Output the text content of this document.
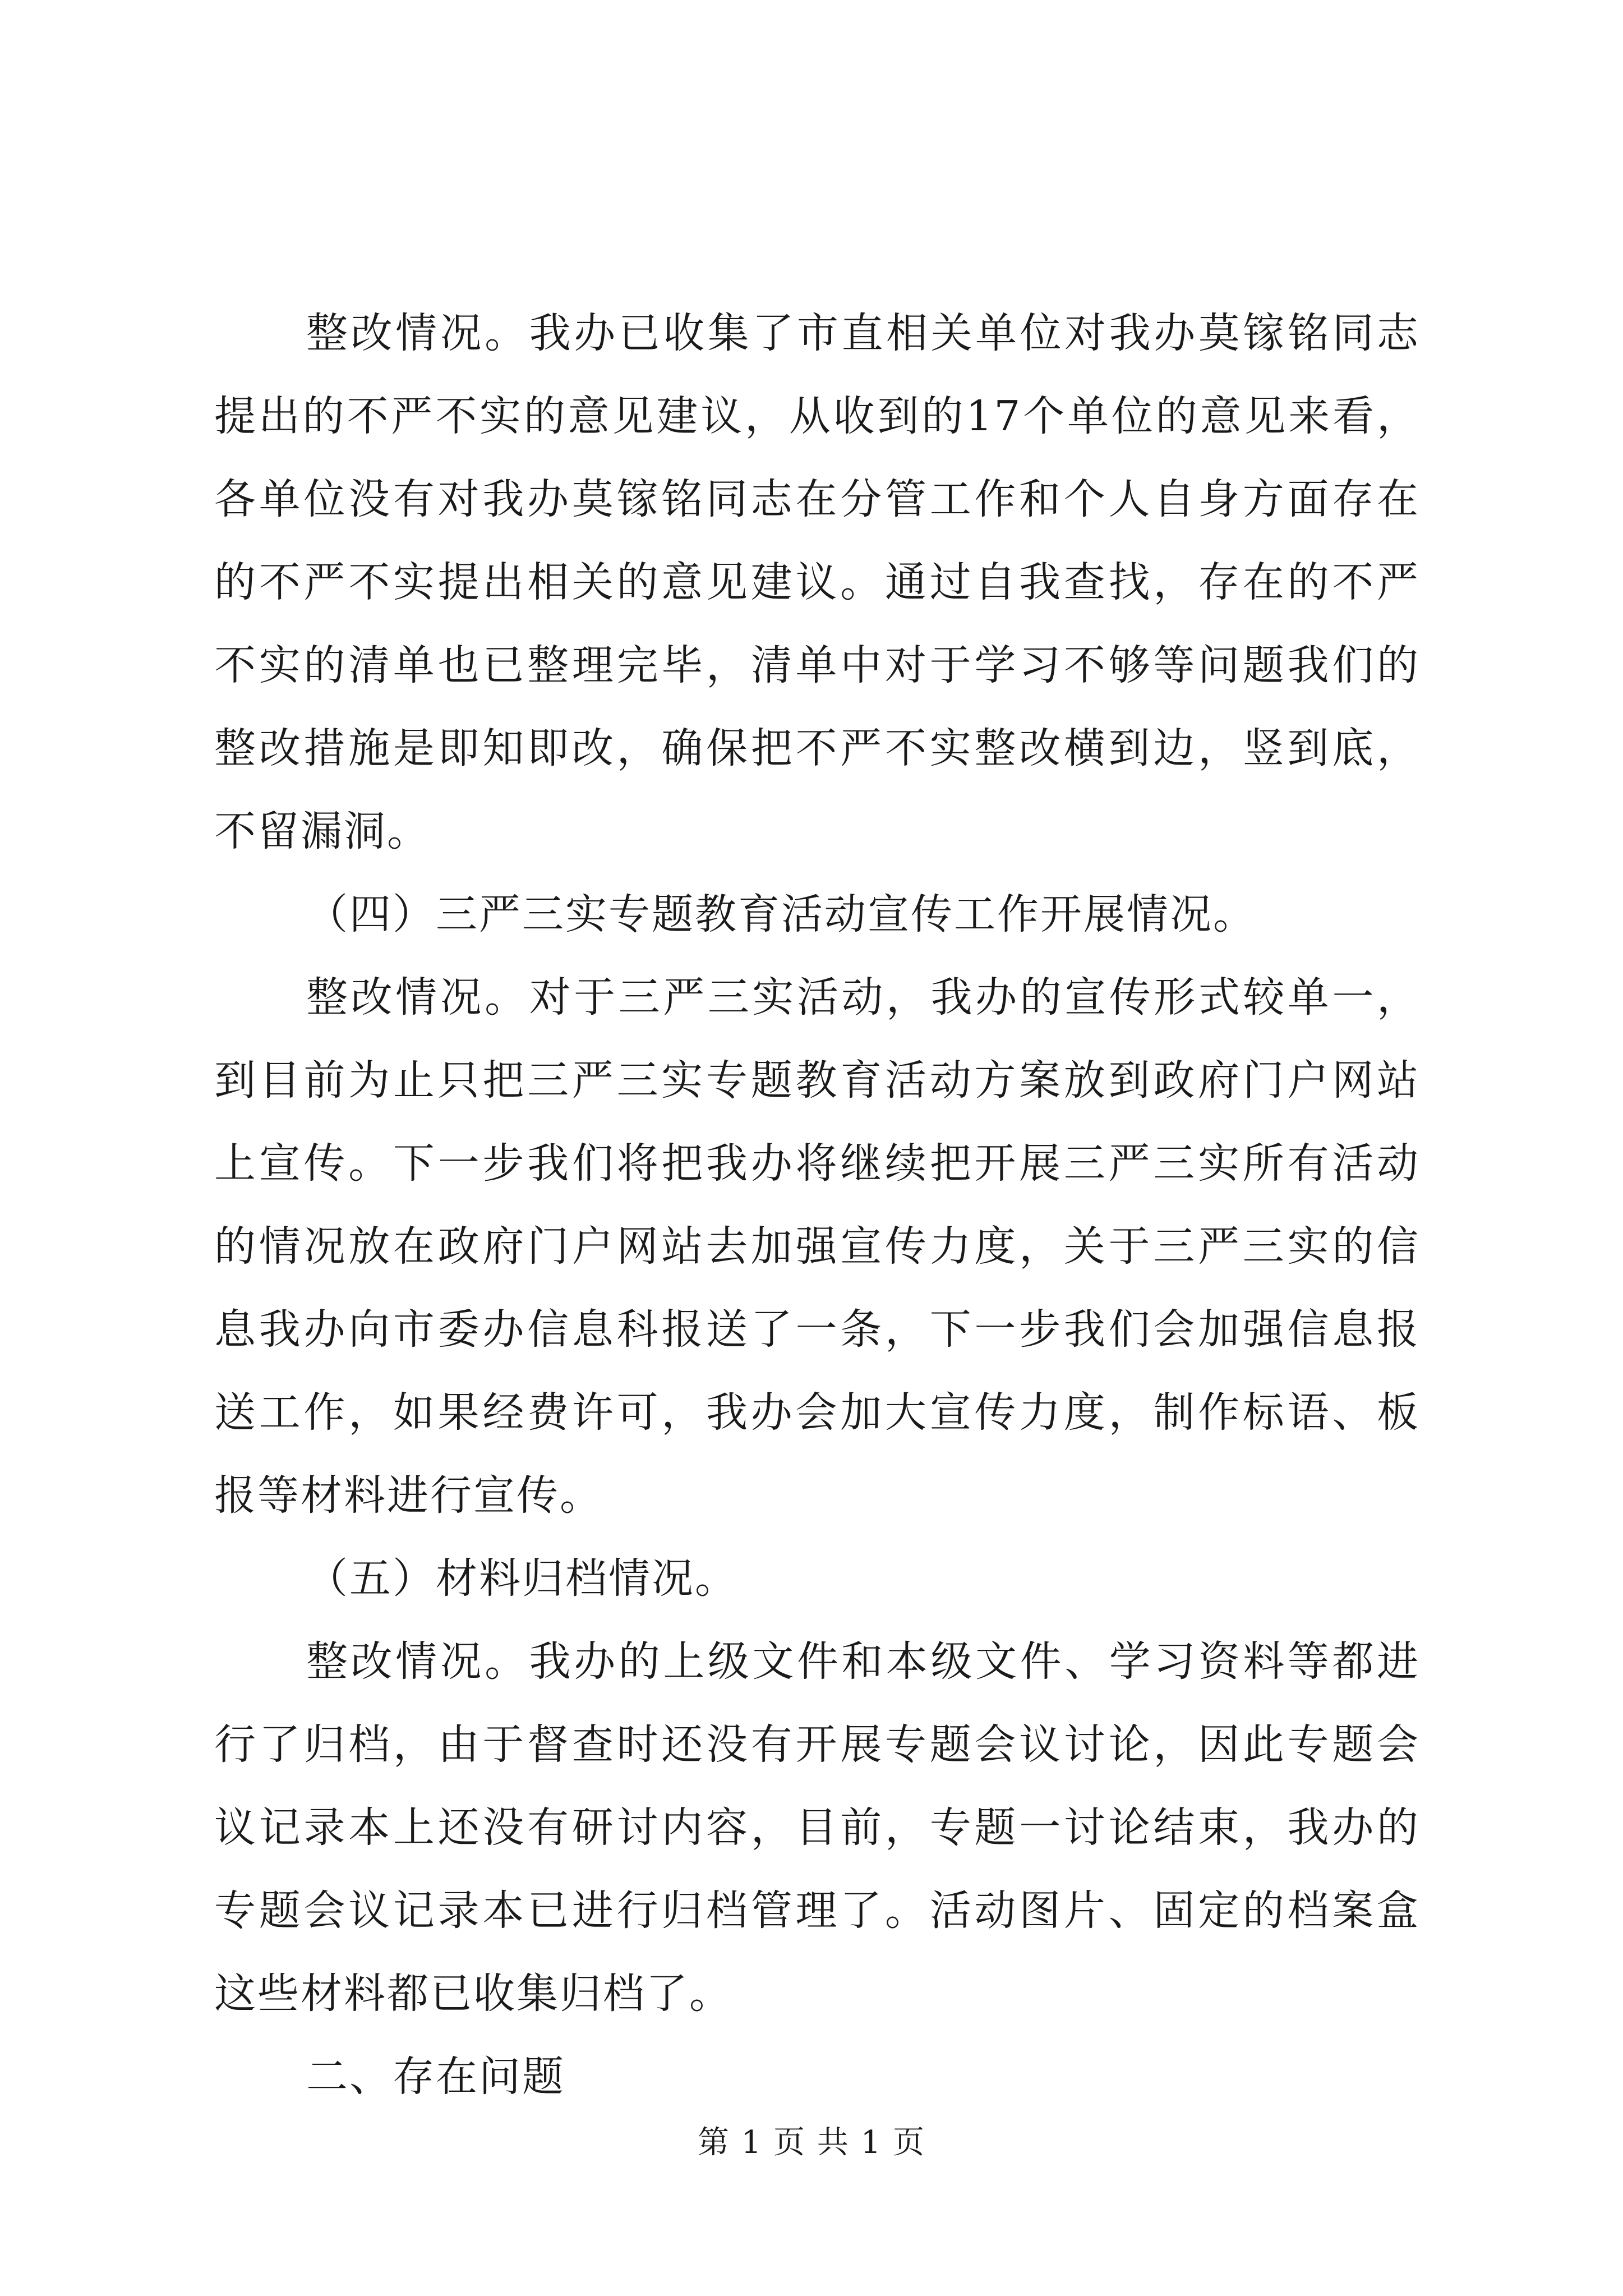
整改情况。我办已收集了市直相关单位对我办莫镓铭同志提出的不严不实的意见建议，从收到的17个单位的意见来看，各单位没有对我办莫镓铭同志在分管工作和个人自身方面存在的不严不实提出相关的意见建议。通过自我查找，存在的不严不实的清单也已整理完毕，清单中对于学习不够等问题我们的整改措施是即知即改，确保把不严不实整改横到边，竖到底，不留漏洞。

（四）三严三实专题教育活动宣传工作开展情况。

整改情况。对于三严三实活动，我办的宣传形式较单一，到目前为止只把三严三实专题教育活动方案放到政府门户网站上宣传。下一步我们将把我办将继续把开展三严三实所有活动的情况放在政府门户网站去加强宣传力度，关于三严三实的信息我办向市委办信息科报送了一条，下一步我们会加强信息报送工作，如果经费许可，我办会加大宣传力度，制作标语、板报等材料进行宣传。

（五）材料归档情况。

整改情况。我办的上级文件和本级文件、学习资料等都进行了归档，由于督查时还没有开展专题会议讨论，因此专题会议记录本上还没有研讨内容，目前，专题一讨论结束，我办的专题会议记录本已进行归档管理了。活动图片、固定的档案盒这些材料都已收集归档了。

二、存在问题

第 1 页 共 1 页
